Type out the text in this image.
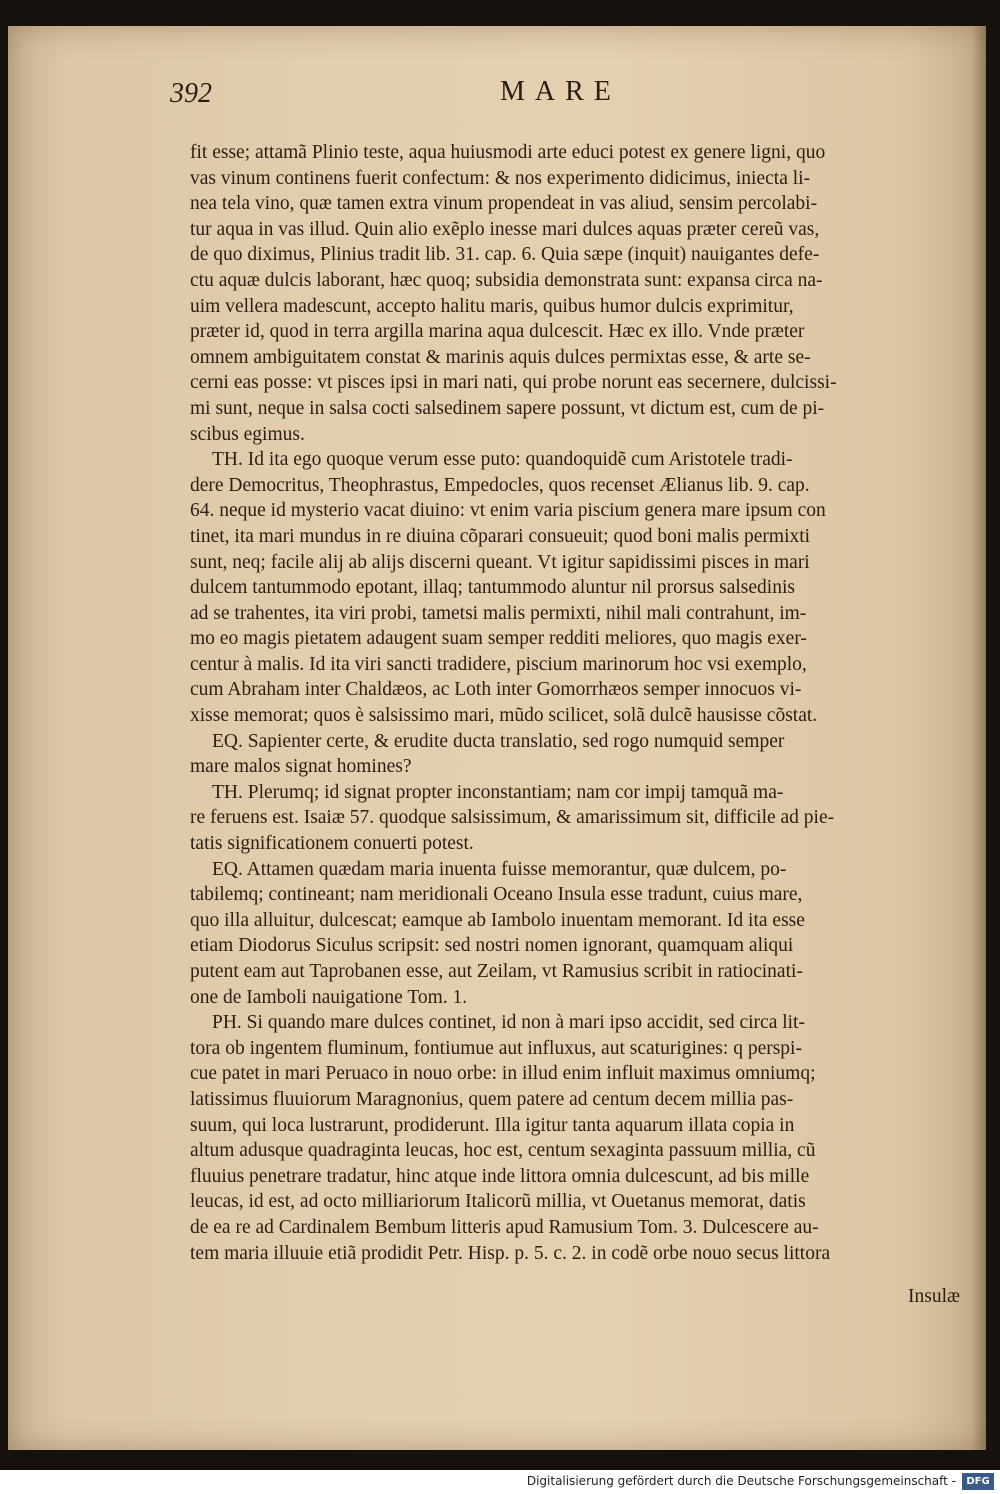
392	MARE
fit esse; attamã Plinio teste, aqua huiusmodi arte educi potest ex genere ligni, quo
vas vinum continens fuerit confectum: & nos experimento didicimus, iniecta li-
nea tela vino, quæ tamen extra vinum propendeat in vas aliud, sensim percolabi-
tur aqua in vas illud. Quin alio exẽplo inesse mari dulces aquas præter cereũ vas,
de quo diximus, Plinius tradit lib. 31. cap. 6. Quia sæpe (inquit) nauigantes defe-
ctu aquæ dulcis laborant, hæc quoq; subsidia demonstrata sunt: expansa circa na-
uim vellera madescunt, accepto halitu maris, quibus humor dulcis exprimitur,
præter id, quod in terra argilla marina aqua dulcescit. Hæc ex illo. Vnde præter
omnem ambiguitatem constat & marinis aquis dulces permixtas esse, & arte se-
cerni eas posse: vt pisces ipsi in mari nati, qui probe norunt eas secernere, dulcissi-
mi sunt, neque in salsa cocti salsedinem sapere possunt, vt dictum est, cum de pi-
scibus egimus.
TH. Id ita ego quoque verum esse puto: quandoquidẽ cum Aristotele tradi-
dere Democritus, Theophrastus, Empedocles, quos recenset Ælianus lib. 9. cap.
64. neque id mysterio vacat diuino: vt enim varia piscium genera mare ipsum con
tinet, ita mari mundus in re diuina cõparari consueuit; quod boni malis permixti
sunt, neq; facile alij ab alijs discerni queant. Vt igitur sapidissimi pisces in mari
dulcem tantummodo epotant, illaq; tantummodo aluntur nil prorsus salsedinis
ad se trahentes, ita viri probi, tametsi malis permixti, nihil mali contrahunt, im-
mo eo magis pietatem adaugent suam semper redditi meliores, quo magis exer-
centur à malis. Id ita viri sancti tradidere, piscium marinorum hoc vsi exemplo,
cum Abraham inter Chaldæos, ac Loth inter Gomorrhæos semper innocuos vi-
xisse memorat; quos è salsissimo mari, mũdo scilicet, solã dulcẽ hausisse cõstat.
EQ. Sapienter certe, & erudite ducta translatio, sed rogo numquid semper
mare malos signat homines?
TH. Plerumq; id signat propter inconstantiam; nam cor impij tamquã ma-
re feruens est. Isaiæ 57. quodque salsissimum, & amarissimum sit, difficile ad pie-
tatis significationem conuerti potest.
EQ. Attamen quædam maria inuenta fuisse memorantur, quæ dulcem, po-
tabilemq; contineant; nam meridionali Oceano Insula esse tradunt, cuius mare,
quo illa alluitur, dulcescat; eamque ab Iambolo inuentam memorant. Id ita esse
etiam Diodorus Siculus scripsit: sed nostri nomen ignorant, quamquam aliqui
putent eam aut Taprobanen esse, aut Zeilam, vt Ramusius scribit in ratiocinati-
one de Iamboli nauigatione Tom. 1.
PH. Si quando mare dulces continet, id non à mari ipso accidit, sed circa lit-
tora ob ingentem fluminum, fontiumue aut influxus, aut scaturigines: q perspi-
cue patet in mari Peruaco in nouo orbe: in illud enim influit maximus omniumq;
latissimus fluuiorum Maragnonius, quem patere ad centum decem millia pas-
suum, qui loca lustrarunt, prodiderunt. Illa igitur tanta aquarum illata copia in
altum adusque quadraginta leucas, hoc est, centum sexaginta passuum millia, cũ
fluuius penetrare tradatur, hinc atque inde littora omnia dulcescunt, ad bis mille
leucas, id est, ad octo milliariorum Italicorũ millia, vt Ouetanus memorat, datis
de ea re ad Cardinalem Bembum litteris apud Ramusium Tom. 3. Dulcescere au-
tem maria illuuie etiã prodidit Petr. Hisp. p. 5. c. 2. in codẽ orbe nouo secus littora
Insulæ
Digitalisierung gefördert durch die Deutsche Forschungsgemeinschaft -	DFG
